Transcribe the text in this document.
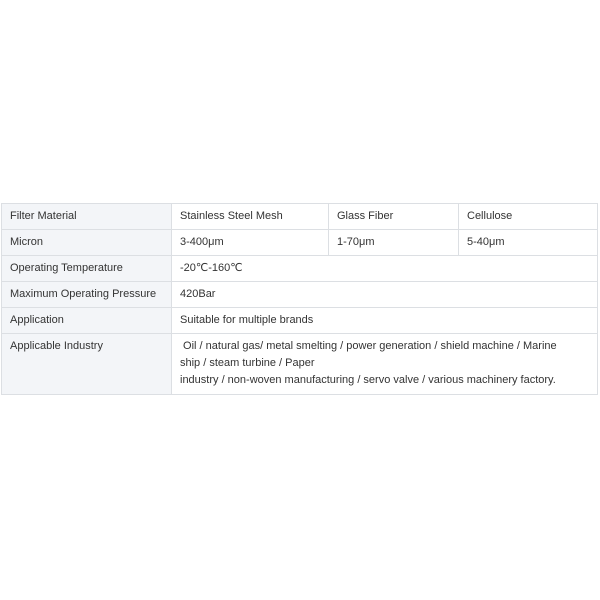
Filter Material	Stainless Steel Mesh	Glass Fiber	Cellulose
Micron	3-400μm	1-70μm	5-40μm
Operating Temperature	-20℃-160℃		
Maximum Operating Pressure	420Bar		
Application	Suitable for multiple brands		
Applicable Industry	Oil / natural gas/ metal smelting / power generation / shield machine / Marine
ship / steam turbine / Paper
industry / non-woven manufacturing / servo valve / various machinery factory.		
